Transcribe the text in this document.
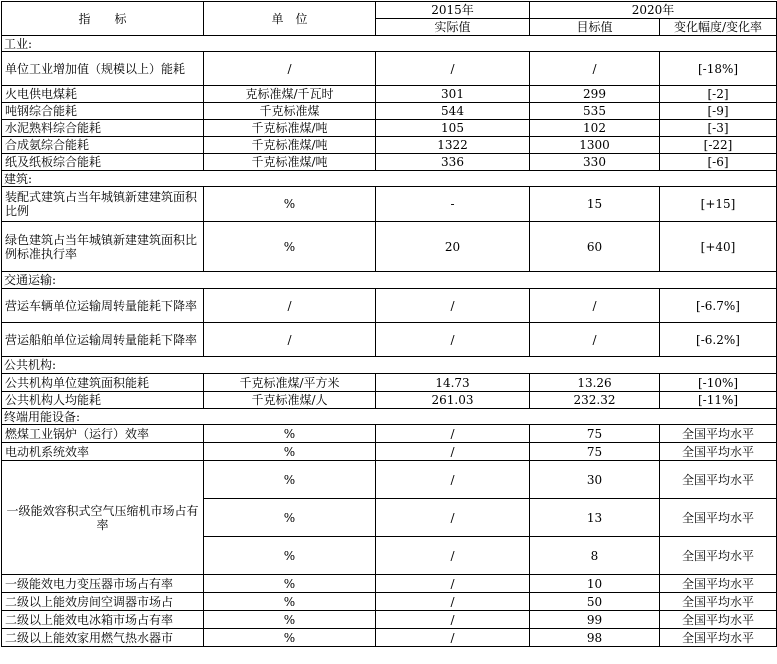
指　　标	单　位	2015年	2020年	
		实际值	目标值	变化幅度/变化率
工业:				
单位工业增加值（规模以上）能耗	/	/	/	[-18%]
火电供电煤耗	克标准煤/千瓦时	301	299	[-2]
吨钢综合能耗	千克标准煤	544	535	[-9]
水泥熟料综合能耗	千克标准煤/吨	105	102	[-3]
合成氨综合能耗	千克标准煤/吨	1322	1300	[-22]
纸及纸板综合能耗	千克标准煤/吨	336	330	[-6]
建筑:				
装配式建筑占当年城镇新建建筑面积比例	%	-	15	[+15]
绿色建筑占当年城镇新建建筑面积比例标准执行率	%	20	60	[+40]
交通运输:				
营运车辆单位运输周转量能耗下降率	/	/	/	[-6.7%]
营运船舶单位运输周转量能耗下降率	/	/	/	[-6.2%]
公共机构:				
公共机构单位建筑面积能耗	千克标准煤/平方米	14.73	13.26	[-10%]
公共机构人均能耗	千克标准煤/人	261.03	232.32	[-11%]
终端用能设备:				
燃煤工业锅炉（运行）效率	%	/	75	全国平均水平
电动机系统效率	%	/	75	全国平均水平
一级能效容积式空气压缩机市场占有率	%	/	30	全国平均水平
	%	/	13	全国平均水平
	%	/	8	全国平均水平
一级能效电力变压器市场占有率	%	/	10	全国平均水平
二级以上能效房间空调器市场占	%	/	50	全国平均水平
二级以上能效电冰箱市场占有率	%	/	99	全国平均水平
二级以上能效家用燃气热水器市	%	/	98	全国平均水平
